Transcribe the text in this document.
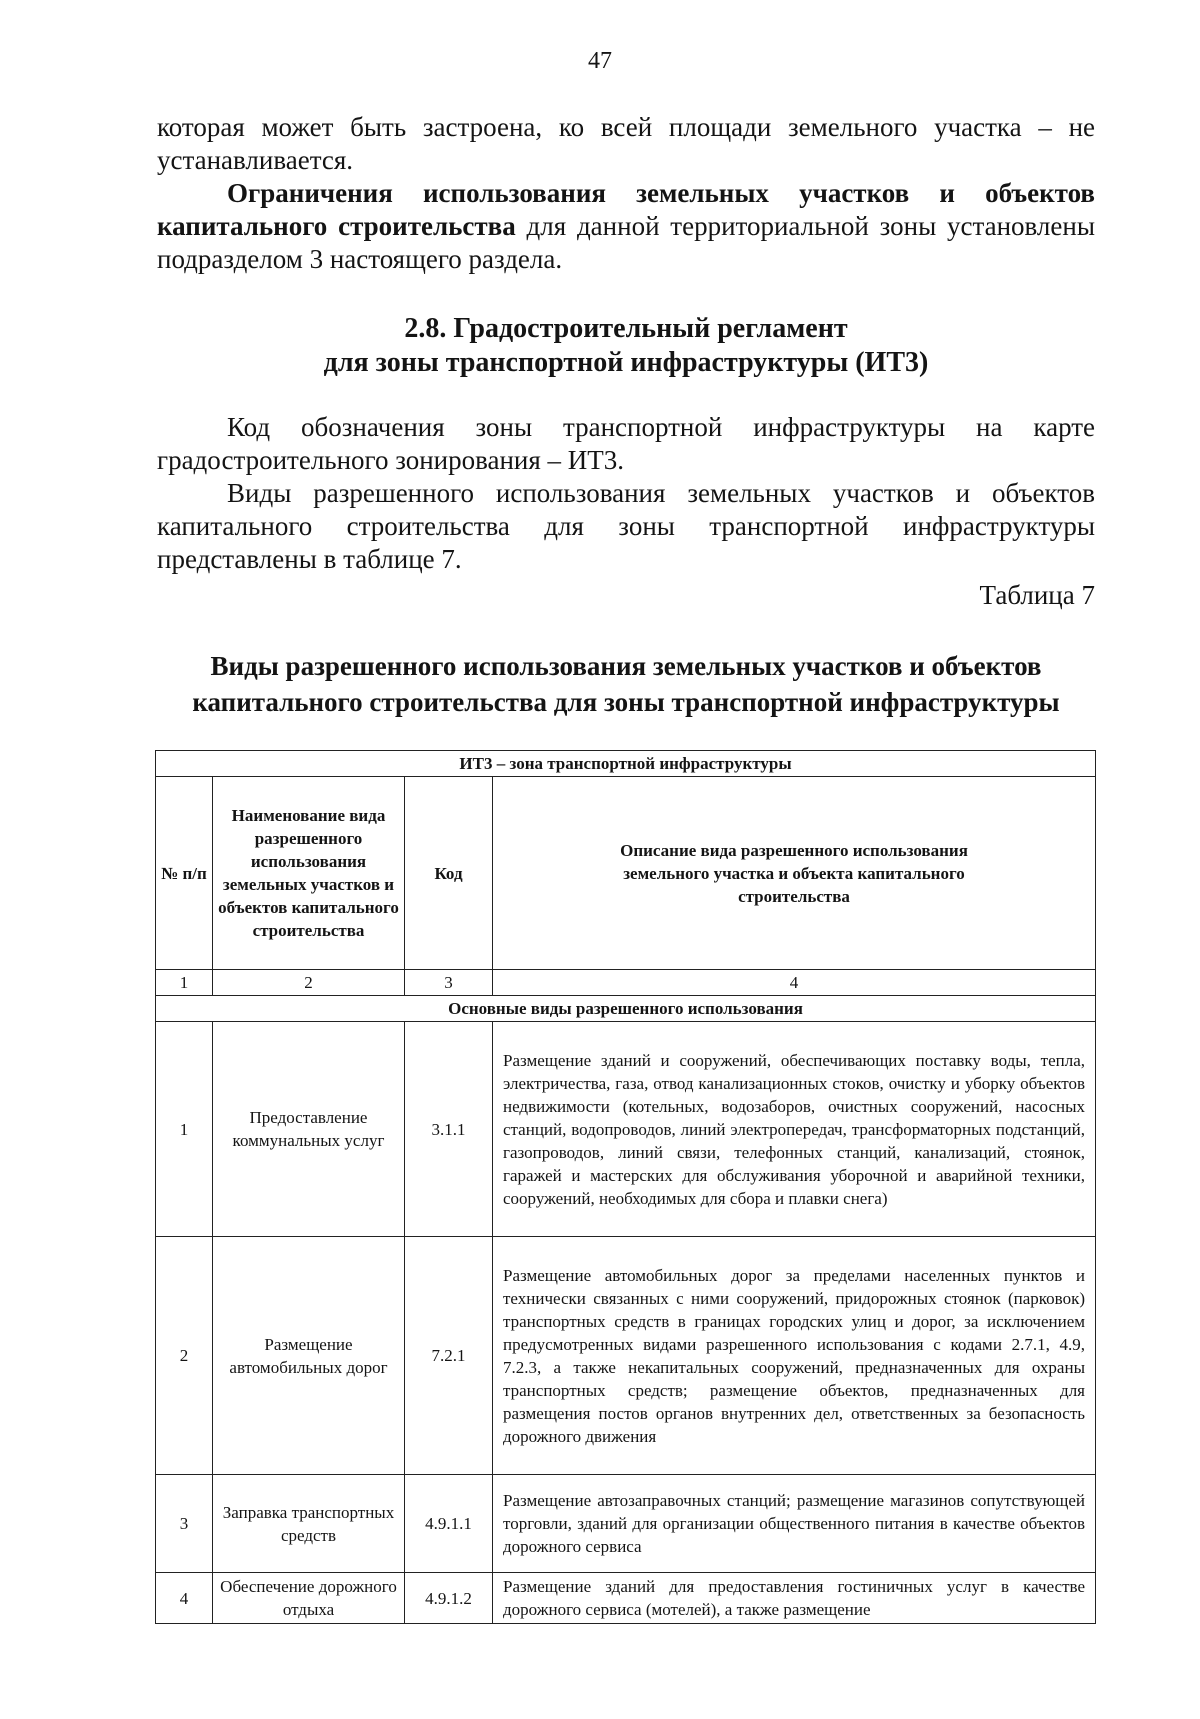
47
которая может быть застроена, ко всей площади земельного участка – не устанавливается.
Ограничения использования земельных участков и объектов капитального строительства для данной территориальной зоны установлены подразделом 3 настоящего раздела.
2.8. Градостроительный регламент
для зоны транспортной инфраструктуры (ИТ3)
Код обозначения зоны транспортной инфраструктуры на карте градостроительного зонирования – ИТ3.
Виды разрешенного использования земельных участков и объектов капитального строительства для зоны транспортной инфраструктуры представлены в таблице 7.
Таблица 7
Виды разрешенного использования земельных участков и объектов
капитального строительства для зоны транспортной инфраструктуры
ИТ3 – зона транспортной инфраструктуры			
№ п/п	Наименование вида разрешенного использования земельных участков и объектов капитального строительства	Код	Описание вида разрешенного использования земельного участка и объекта капитального строительства
1	2	3	4
Основные виды разрешенного использования			
1	Предоставление коммунальных услуг	3.1.1	Размещение зданий и сооружений, обеспечивающих поставку воды, тепла, электричества, газа, отвод канализационных стоков, очистку и уборку объектов недвижимости (котельных, водозаборов, очистных сооружений, насосных станций, водопроводов, линий электропередач, трансформаторных подстанций, газопроводов, линий связи, телефонных станций, канализаций, стоянок, гаражей и мастерских для обслуживания уборочной и аварийной техники, сооружений, необходимых для сбора и плавки снега)
2	Размещение автомобильных дорог	7.2.1	Размещение автомобильных дорог за пределами населенных пунктов и технически связанных с ними сооружений, придорожных стоянок (парковок) транспортных средств в границах городских улиц и дорог, за исключением предусмотренных видами разрешенного использования с кодами 2.7.1, 4.9, 7.2.3, а также некапитальных сооружений, предназначенных для охраны транспортных средств; размещение объектов, предназначенных для размещения постов органов внутренних дел, ответственных за безопасность дорожного движения
3	Заправка транспортных средств	4.9.1.1	Размещение автозаправочных станций; размещение магазинов сопутствующей торговли, зданий для организации общественного питания в качестве объектов дорожного сервиса
4	Обеспечение дорожного отдыха	4.9.1.2	Размещение зданий для предоставления гостиничных услуг в качестве дорожного сервиса (мотелей), а также размещение
